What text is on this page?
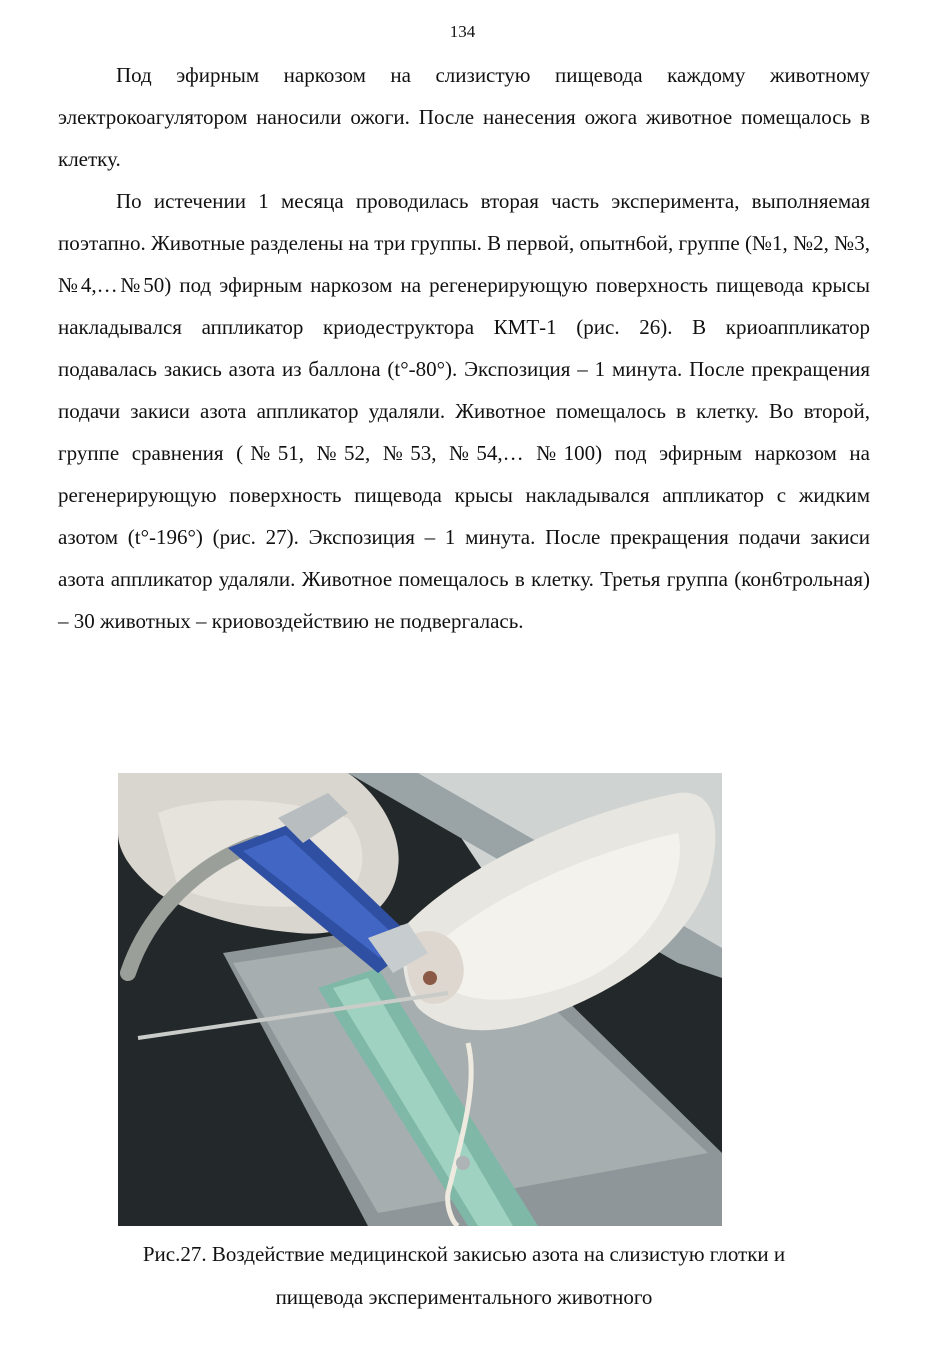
134

Под эфирным наркозом на слизистую пищевода каждому животному электрокоагулятором наносили ожоги. После нанесения ожога животное помещалось в клетку.

По истечении 1 месяца проводилась вторая часть эксперимента, выполняемая поэтапно. Животные разделены на три группы. В первой, опытн6ой, группе (№1, №2, №3, №4,…№50) под эфирным наркозом на регенерирующую поверхность пищевода крысы накладывался аппликатор криодеструктора КМТ-1 (рис. 26). В криоаппликатор подавалась закись азота из баллона (t°-80°). Экспозиция – 1 минута. После прекращения подачи закиси азота аппликатор удаляли. Животное помещалось в клетку. Во второй, группе сравнения (№51, №52, №53, №54,… №100) под эфирным наркозом на регенерирующую поверхность пищевода крысы накладывался аппликатор с жидким азотом (t°-196°) (рис. 27). Экспозиция – 1 минута. После прекращения подачи закиси азота аппликатор удаляли. Животное помещалось в клетку. Третья группа (кон6трольная) – 30 животных – криовоздействию не подвергалась.

Рис.27. Воздействие медицинской закисью азота на слизистую глотки и
пищевода экспериментального животного
